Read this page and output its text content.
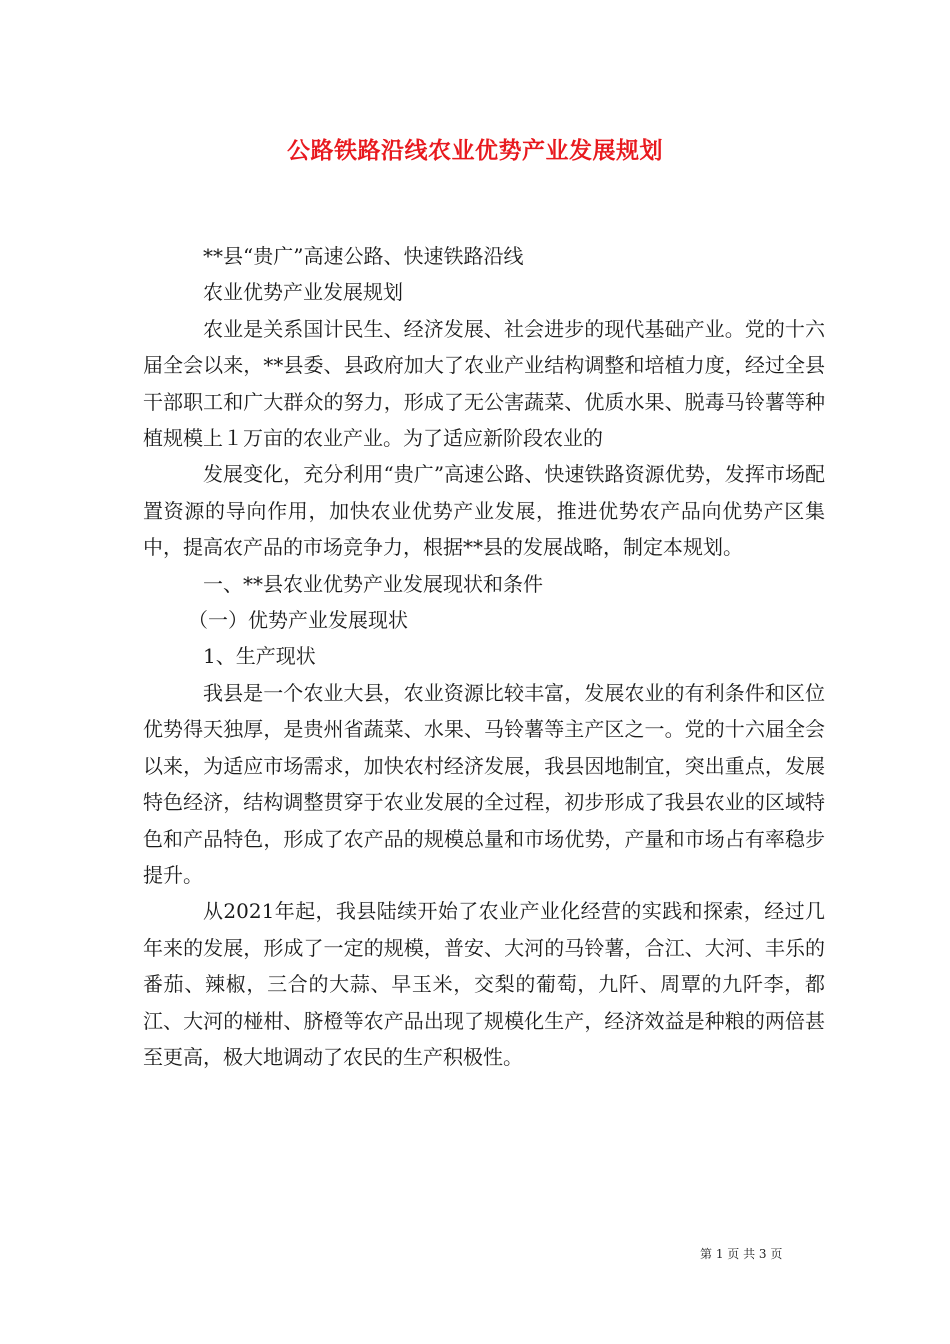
公路铁路沿线农业优势产业发展规划

**县“贵广”高速公路、快速铁路沿线

农业优势产业发展规划

农业是关系国计民生、经济发展、社会进步的现代基础产业。党的十六届全会以来，**县委、县政府加大了农业产业结构调整和培植力度，经过全县干部职工和广大群众的努力，形成了无公害蔬菜、优质水果、脱毒马铃薯等种植规模上１万亩的农业产业。为了适应新阶段农业的

发展变化，充分利用“贵广”高速公路、快速铁路资源优势，发挥市场配置资源的导向作用，加快农业优势产业发展，推进优势农产品向优势产区集中，提高农产品的市场竞争力，根据**县的发展战略，制定本规划。

一、**县农业优势产业发展现状和条件

（一）优势产业发展现状

1、生产现状

我县是一个农业大县，农业资源比较丰富，发展农业的有利条件和区位优势得天独厚，是贵州省蔬菜、水果、马铃薯等主产区之一。党的十六届全会以来，为适应市场需求，加快农村经济发展，我县因地制宜，突出重点，发展特色经济，结构调整贯穿于农业发展的全过程，初步形成了我县农业的区域特色和产品特色，形成了农产品的规模总量和市场优势，产量和市场占有率稳步提升。

从2021年起，我县陆续开始了农业产业化经营的实践和探索，经过几年来的发展，形成了一定的规模，普安、大河的马铃薯，合江、大河、丰乐的番茄、辣椒，三合的大蒜、早玉米，交梨的葡萄，九阡、周覃的九阡李，都江、大河的椪柑、脐橙等农产品出现了规模化生产，经济效益是种粮的两倍甚至更高，极大地调动了农民的生产积极性。

第 1 页 共 3 页
